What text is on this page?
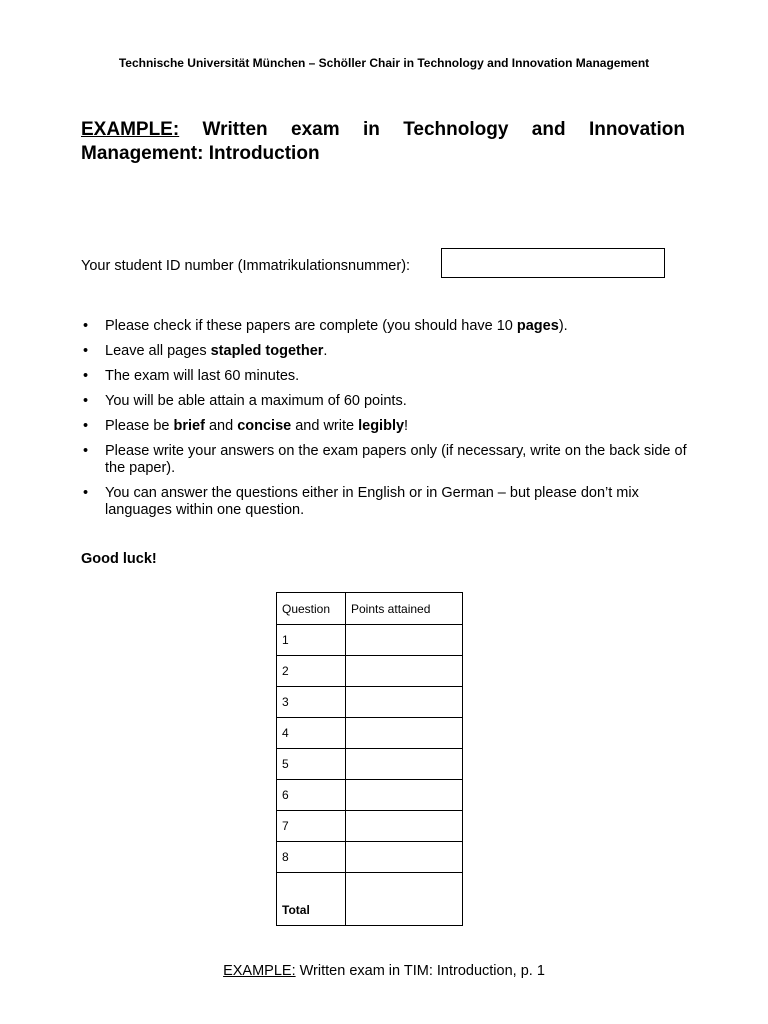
Technische Universität München – Schöller Chair in Technology and Innovation Management
EXAMPLE: Written exam in Technology and Innovation
Management: Introduction
Your student ID number (Immatrikulationsnummer):
• Please check if these papers are complete (you should have 10 pages).
• Leave all pages stapled together.
• The exam will last 60 minutes.
• You will be able attain a maximum of 60 points.
• Please be brief and concise and write legibly!
• Please write your answers on the exam papers only (if necessary, write on the back side of the paper).
• You can answer the questions either in English or in German – but please don’t mix languages within one question.
Good luck!
Question	Points attained
1	
2	
3	
4	
5	
6	
7	
8	
Total	
EXAMPLE: Written exam in TIM: Introduction, p. 1
